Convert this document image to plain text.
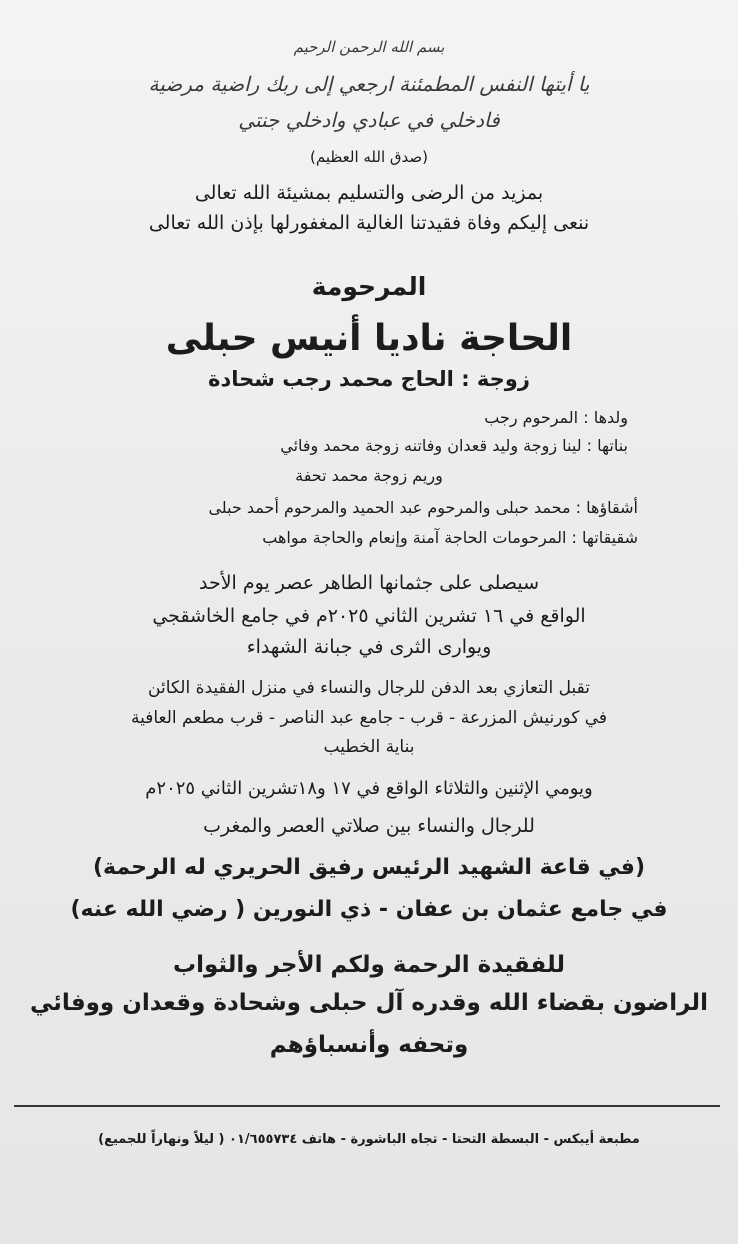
بسم الله الرحمن الرحيم
يا أيتها النفس المطمئنة ارجعي إلى ربك راضية مرضية
فادخلي في عبادي وادخلي جنتي
(صدق الله العظيم)
بمزيد من الرضى والتسليم بمشيئة الله تعالى
ننعى إليكم وفاة فقيدتنا الغالية المغفورلها بإذن الله تعالى
المرحومة
الحاجة ناديا أنيس حبلى
زوجة : الحاج محمد رجب شحادة
ولدها : المرحوم رجب
بناتها : لينا زوجة وليد قعدان وفاتنه زوجة محمد وفائي
وريم زوجة محمد تحفة
أشقاؤها : محمد حبلى والمرحوم عبد الحميد والمرحوم أحمد حبلى
شقيقاتها : المرحومات الحاجة آمنة وإنعام والحاجة مواهب
سيصلى على جثمانها الطاهر عصر يوم الأحد
الواقع في ١٦ تشرين الثاني ٢٠٢٥م في جامع الخاشقجي
ويوارى الثرى في جبانة الشهداء
تقبل التعازي بعد الدفن للرجال والنساء في منزل الفقيدة الكائن
في كورنيش المزرعة - قرب - جامع عبد الناصر - قرب مطعم العافية
بناية الخطيب
ويومي الإثنين والثلاثاء الواقع في ١٧ و١٨تشرين الثاني ٢٠٢٥م
للرجال والنساء بين صلاتي العصر والمغرب
(في قاعة الشهيد الرئيس رفيق الحريري له الرحمة)
في جامع عثمان بن عفان - ذي النورين ( رضي الله عنه)
للفقيدة الرحمة ولكم الأجر والثواب
الراضون بقضاء الله وقدره آل حبلى وشحادة وقعدان ووفائي
وتحفه وأنسباؤهم
مطبعة أيبكس - البسطة التحتا - تجاه الباشورة - هاتف ٠١/٦٥٥٧٣٤ ( ليلاً ونهاراً للجميع)
